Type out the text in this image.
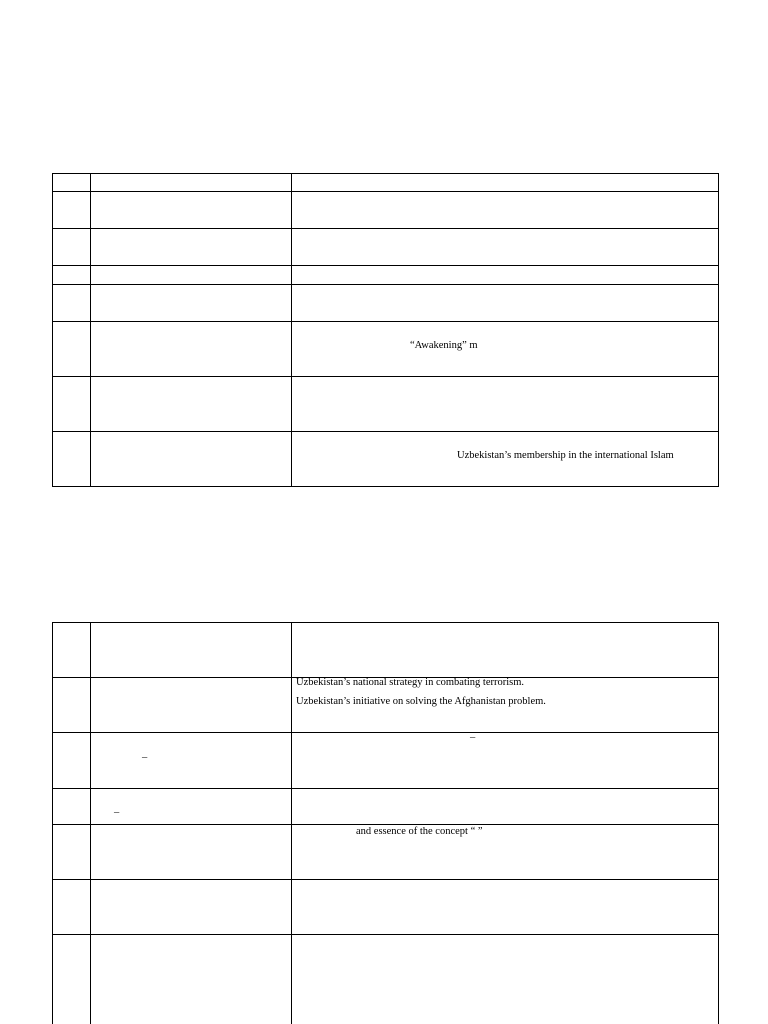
“Awakening” m
Uzbekistan’s membership in the international Islam
Uzbekistan’s national strategy in combating terrorism.
Uzbekistan’s initiative on solving the Afghanistan problem.
–
–
–
and essence of the concept “ ”
